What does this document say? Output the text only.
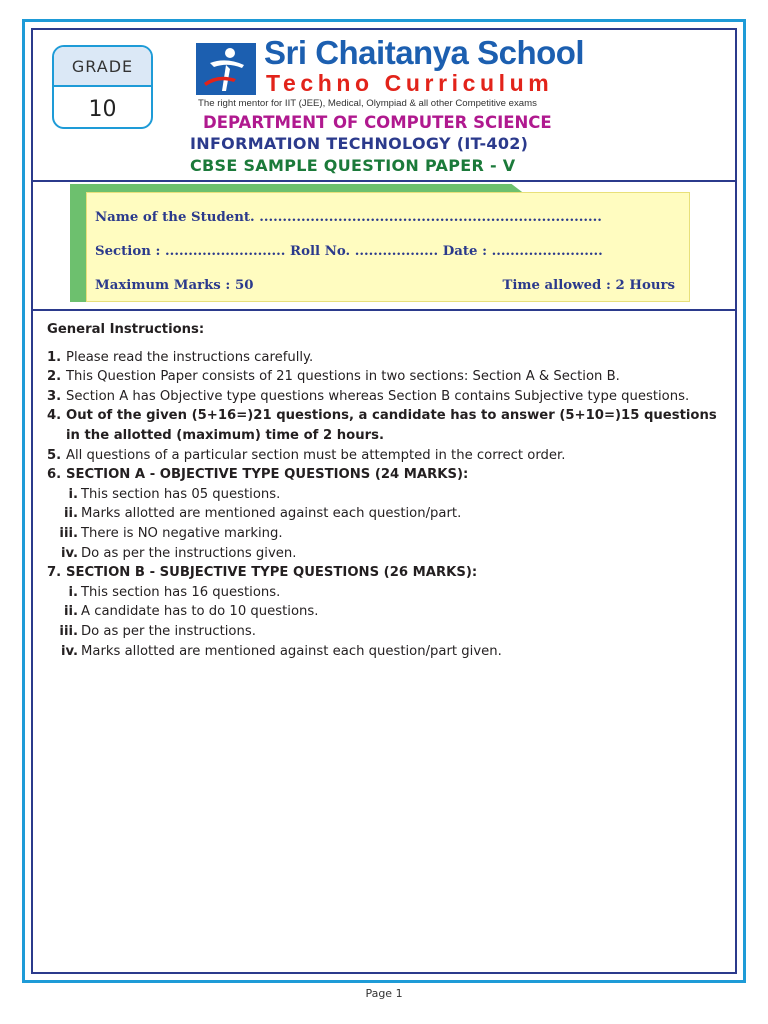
GRADE
10
Sri Chaitanya School
Techno Curriculum
The right mentor for IIT (JEE), Medical, Olympiad & all other Competitive exams
DEPARTMENT OF COMPUTER SCIENCE
INFORMATION TECHNOLOGY (IT-402)
CBSE SAMPLE QUESTION PAPER - V
Name of the Student. ..........................................................................
Section : .......................... Roll No. .................. Date : ........................
Maximum Marks : 50	Time allowed : 2 Hours
General Instructions:
1. Please read the instructions carefully.
2. This Question Paper consists of 21 questions in two sections: Section A & Section B.
3. Section A has Objective type questions whereas Section B contains Subjective type questions.
4. Out of the given (5+16=)21 questions, a candidate has to answer (5+10=)15 questions in the allotted (maximum) time of 2 hours.
5. All questions of a particular section must be attempted in the correct order.
6. SECTION A - OBJECTIVE TYPE QUESTIONS (24 MARKS):
i. This section has 05 questions.
ii. Marks allotted are mentioned against each question/part.
iii. There is NO negative marking.
iv. Do as per the instructions given.
7. SECTION B - SUBJECTIVE TYPE QUESTIONS (26 MARKS):
i. This section has 16 questions.
ii. A candidate has to do 10 questions.
iii. Do as per the instructions.
iv. Marks allotted are mentioned against each question/part given.
Page 1
